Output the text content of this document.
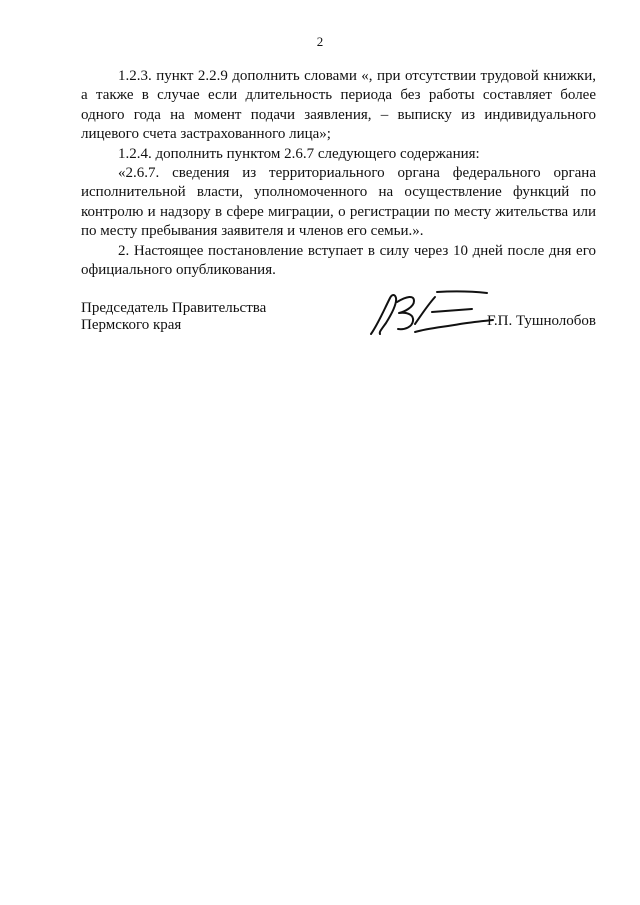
2

1.2.3. пункт 2.2.9 дополнить словами «, при отсутствии трудовой книжки, а также в случае если длительность периода без работы составляет более одного года на момент подачи заявления, – выписку из индивидуального лицевого счета застрахованного лица»;

1.2.4. дополнить пунктом 2.6.7 следующего содержания:

«2.6.7. сведения из территориального органа федерального органа исполнительной власти, уполномоченного на осуществление функций по контролю и надзору в сфере миграции, о регистрации по месту жительства или по месту пребывания заявителя и членов его семьи.».

2. Настоящее постановление вступает в силу через 10 дней после дня его официального опубликования.

Председатель Правительства
Пермского края	Г.П. Тушнолобов
